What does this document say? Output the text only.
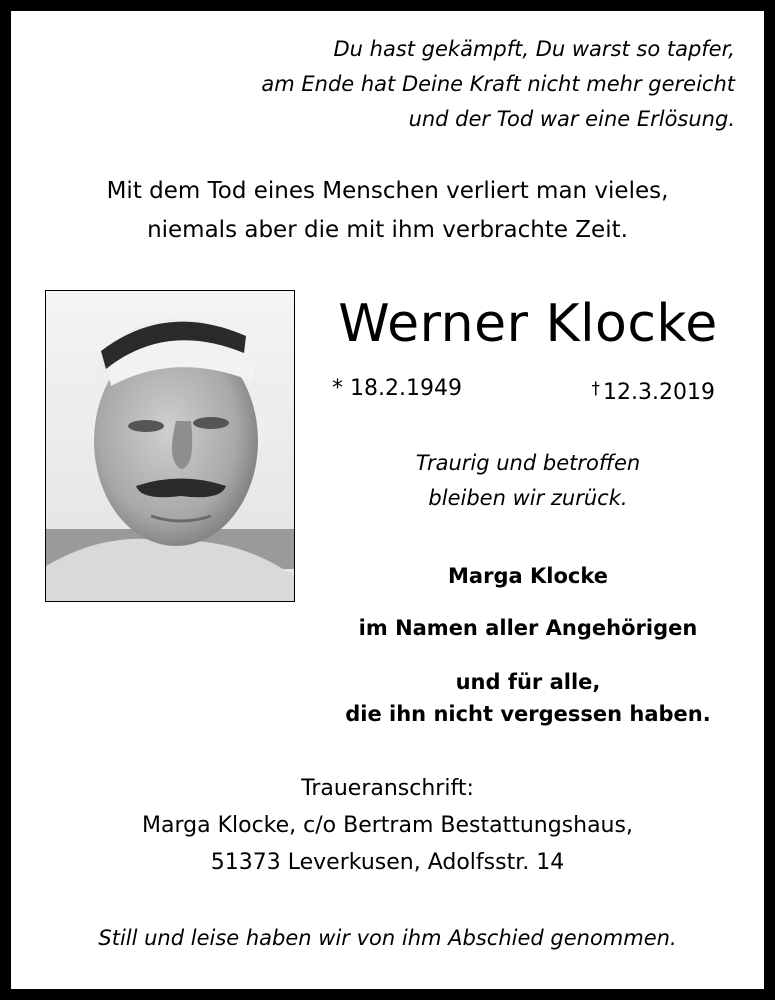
Du hast gekämpft, Du warst so tapfer,
am Ende hat Deine Kraft nicht mehr gereicht
und der Tod war eine Erlösung.
Mit dem Tod eines Menschen verliert man vieles,
niemals aber die mit ihm verbrachte Zeit.
Werner Klocke
* 18.2.1949	† 12.3.2019
Traurig und betroffen
bleiben wir zurück.
Marga Klocke
im Namen aller Angehörigen
und für alle,
die ihn nicht vergessen haben.
Traueranschrift:
Marga Klocke, c/o Bertram Bestattungshaus,
51373 Leverkusen, Adolfsstr. 14
Still und leise haben wir von ihm Abschied genommen.
